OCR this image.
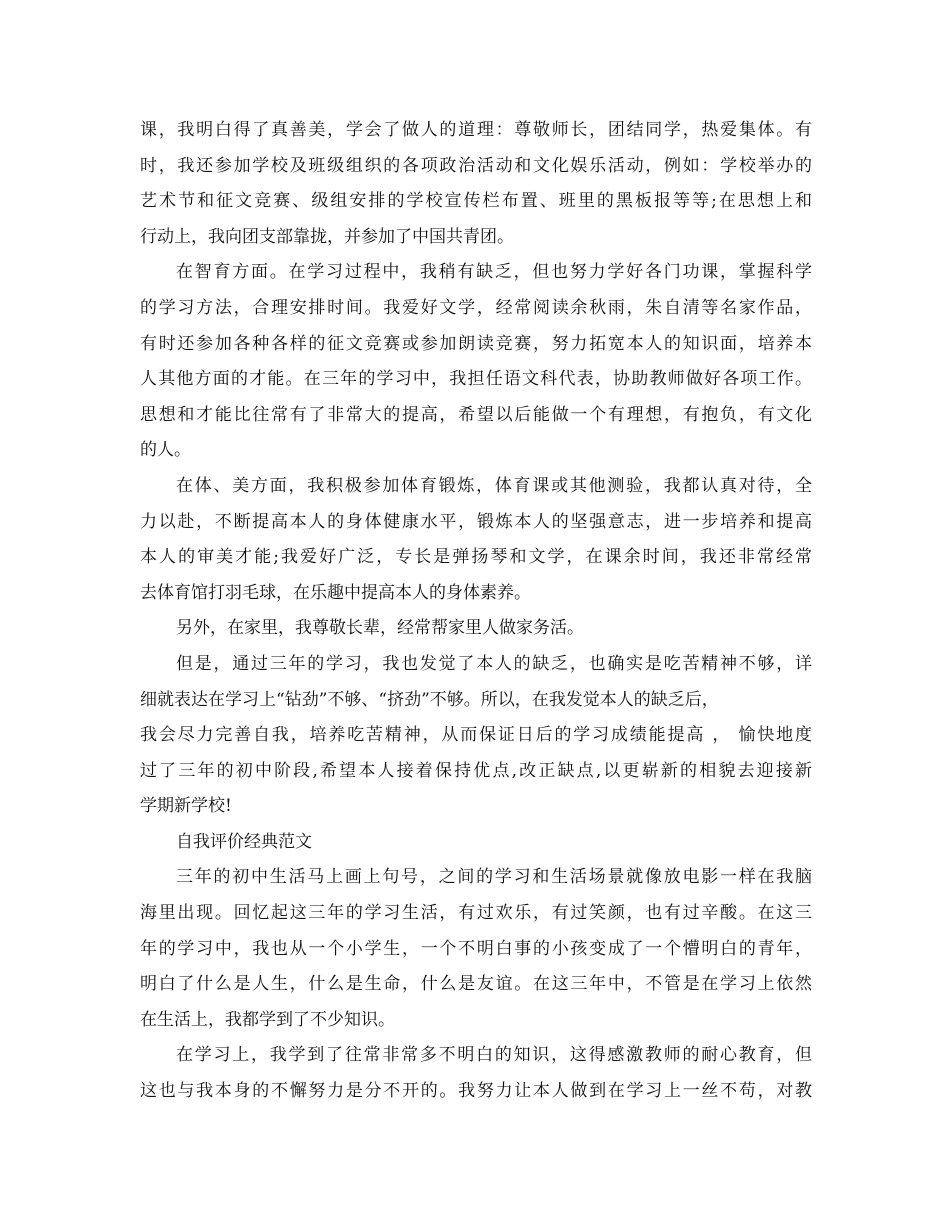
课，我明白得了真善美，学会了做人的道理：尊敬师长，团结同学，热爱集体。有
时，我还参加学校及班级组织的各项政治活动和文化娱乐活动，例如：学校举办的
艺术节和征文竞赛、级组安排的学校宣传栏布置、班里的黑板报等等;在思想上和
行动上，我向团支部靠拢，并参加了中国共青团。
在智育方面。在学习过程中，我稍有缺乏，但也努力学好各门功课，掌握科学
的学习方法，合理安排时间。我爱好文学，经常阅读余秋雨，朱自清等名家作品，
有时还参加各种各样的征文竞赛或参加朗读竞赛，努力拓宽本人的知识面，培养本
人其他方面的才能。在三年的学习中，我担任语文科代表，协助教师做好各项工作。
思想和才能比往常有了非常大的提高，希望以后能做一个有理想，有抱负，有文化
的人。
在体、美方面，我积极参加体育锻炼，体育课或其他测验，我都认真对待，全
力以赴，不断提高本人的身体健康水平，锻炼本人的坚强意志，进一步培养和提高
本人的审美才能;我爱好广泛，专长是弹扬琴和文学，在课余时间，我还非常经常
去体育馆打羽毛球，在乐趣中提高本人的身体素养。
另外，在家里，我尊敬长辈，经常帮家里人做家务活。
但是，通过三年的学习，我也发觉了本人的缺乏，也确实是吃苦精神不够，详
细就表达在学习上“钻劲”不够、“挤劲”不够。所以，在我发觉本人的缺乏后，
我会尽力完善自我，培养吃苦精神，从而保证日后的学习成绩能提高 ， 愉快地度
过了三年的初中阶段,希望本人接着保持优点,改正缺点,以更崭新的相貌去迎接新
学期新学校!
自我评价经典范文
三年的初中生活马上画上句号，之间的学习和生活场景就像放电影一样在我脑
海里出现。回忆起这三年的学习生活，有过欢乐，有过笑颜，也有过辛酸。在这三
年的学习中，我也从一个小学生，一个不明白事的小孩变成了一个懵明白的青年，
明白了什么是人生，什么是生命，什么是友谊。在这三年中，不管是在学习上依然
在生活上，我都学到了不少知识。
在学习上，我学到了往常非常多不明白的知识，这得感激教师的耐心教育，但
这也与我本身的不懈努力是分不开的。我努力让本人做到在学习上一丝不苟，对教
